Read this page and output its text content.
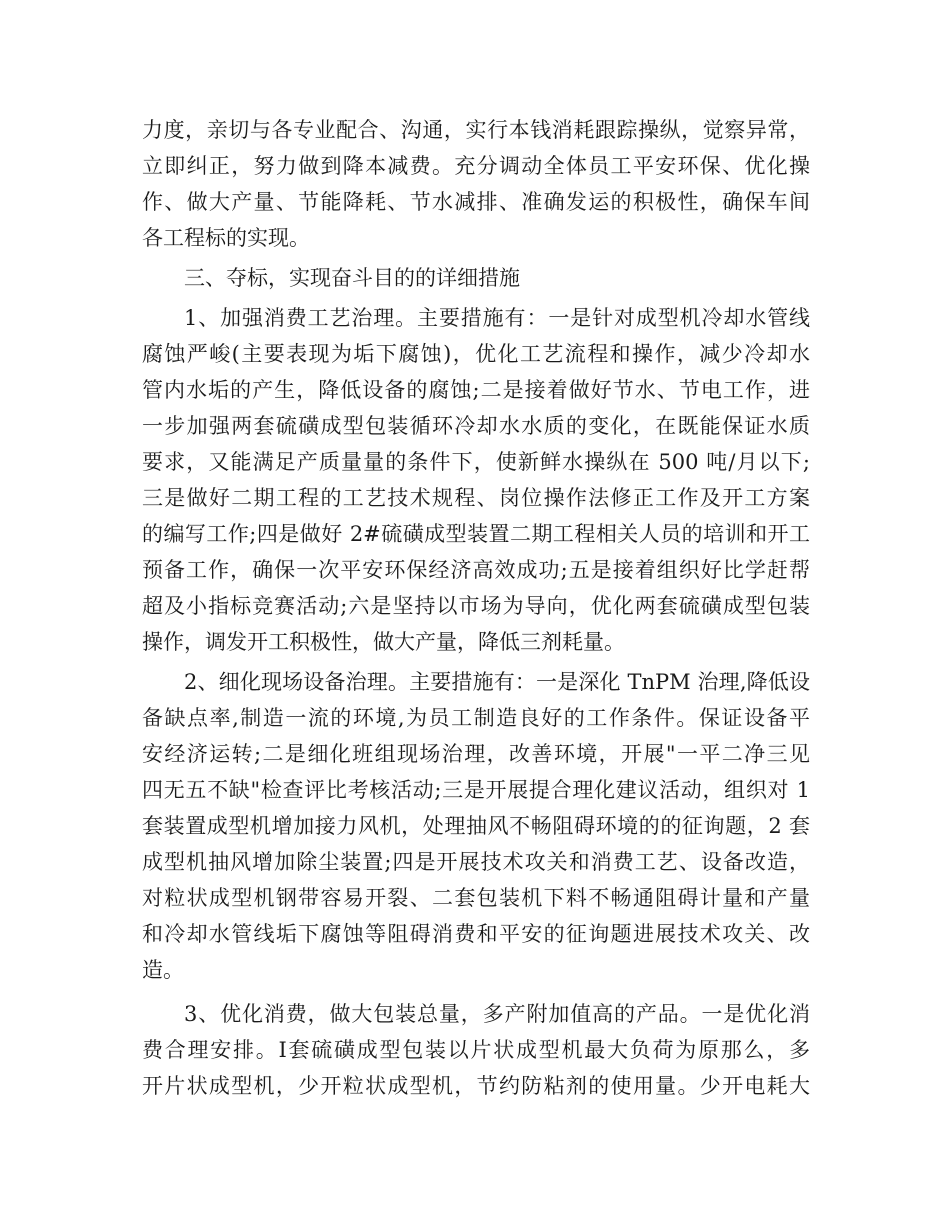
力度，亲切与各专业配合、沟通，实行本钱消耗跟踪操纵，觉察异常，
立即纠正，努力做到降本减费。充分调动全体员工平安环保、优化操
作、做大产量、节能降耗、节水减排、准确发运的积极性，确保车间
各工程标的实现。
三、夺标，实现奋斗目的的详细措施
1、加强消费工艺治理。主要措施有：一是针对成型机冷却水管线
腐蚀严峻(主要表现为垢下腐蚀)，优化工艺流程和操作，减少冷却水
管内水垢的产生，降低设备的腐蚀;二是接着做好节水、节电工作，进
一步加强两套硫磺成型包装循环冷却水水质的变化，在既能保证水质
要求，又能满足产质量量的条件下，使新鲜水操纵在 500 吨/月以下;
三是做好二期工程的工艺技术规程、岗位操作法修正工作及开工方案
的编写工作;四是做好 2#硫磺成型装置二期工程相关人员的培训和开工
预备工作，确保一次平安环保经济高效成功;五是接着组织好比学赶帮
超及小指标竞赛活动;六是坚持以市场为导向，优化两套硫磺成型包装
操作，调发开工积极性，做大产量，降低三剂耗量。
2、细化现场设备治理。主要措施有：一是深化 TnPM 治理,降低设
备缺点率,制造一流的环境,为员工制造良好的工作条件。保证设备平
安经济运转;二是细化班组现场治理，改善环境，开展"一平二净三见
四无五不缺"检查评比考核活动;三是开展提合理化建议活动，组织对 1
套装置成型机增加接力风机，处理抽风不畅阻碍环境的的征询题，2 套
成型机抽风增加除尘装置;四是开展技术攻关和消费工艺、设备改造，
对粒状成型机钢带容易开裂、二套包装机下料不畅通阻碍计量和产量
和冷却水管线垢下腐蚀等阻碍消费和平安的征询题进展技术攻关、改
造。
3、优化消费，做大包装总量，多产附加值高的产品。一是优化消
费合理安排。Ⅰ套硫磺成型包装以片状成型机最大负荷为原那么，多
开片状成型机，少开粒状成型机，节约防粘剂的使用量。少开电耗大
